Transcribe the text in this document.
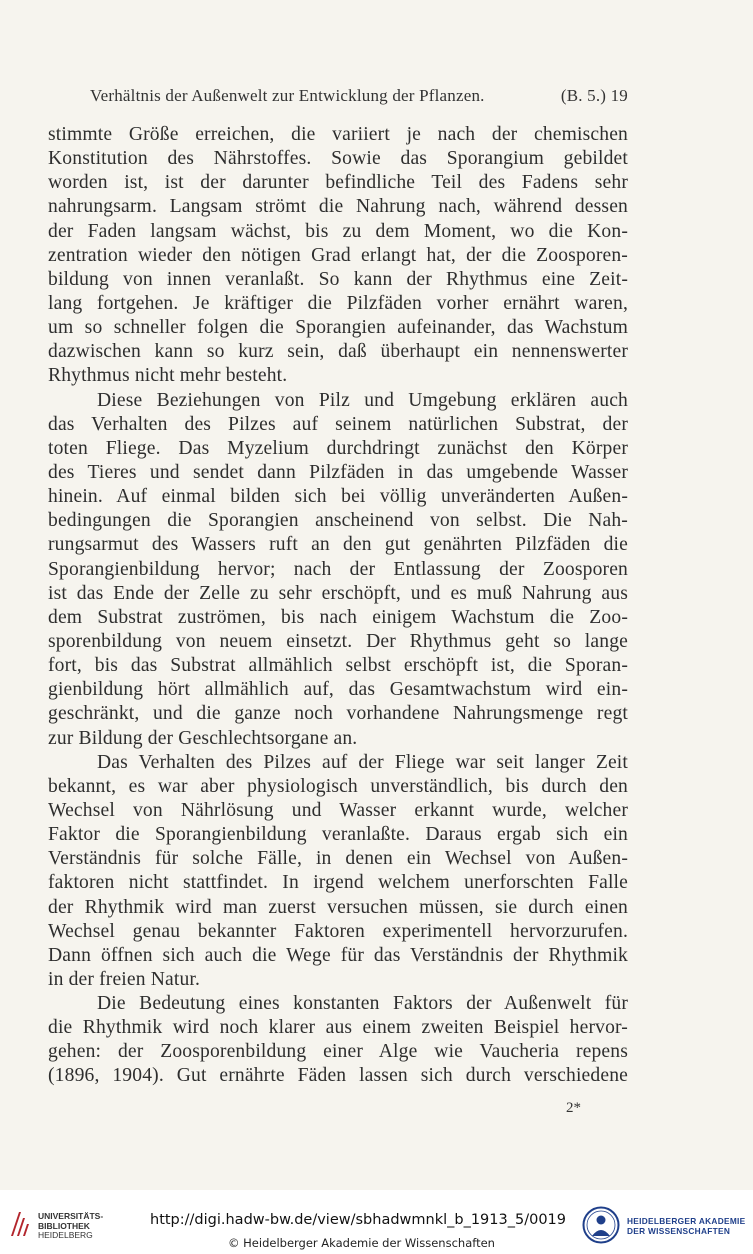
Verhältnis der Außenwelt zur Entwicklung der Pflanzen.	(B. 5.) 19
stimmte Größe erreichen, die variiert je nach der chemischen
Konstitution des Nährstoffes. Sowie das Sporangium gebildet
worden ist, ist der darunter befindliche Teil des Fadens sehr
nahrungsarm. Langsam strömt die Nahrung nach, während dessen
der Faden langsam wächst, bis zu dem Moment, wo die Kon-
zentration wieder den nötigen Grad erlangt hat, der die Zoosporen-
bildung von innen veranlaßt. So kann der Rhythmus eine Zeit-
lang fortgehen. Je kräftiger die Pilzfäden vorher ernährt waren,
um so schneller folgen die Sporangien aufeinander, das Wachstum
dazwischen kann so kurz sein, daß überhaupt ein nennenswerter
Rhythmus nicht mehr besteht.
Diese Beziehungen von Pilz und Umgebung erklären auch
das Verhalten des Pilzes auf seinem natürlichen Substrat, der
toten Fliege. Das Myzelium durchdringt zunächst den Körper
des Tieres und sendet dann Pilzfäden in das umgebende Wasser
hinein. Auf einmal bilden sich bei völlig unveränderten Außen-
bedingungen die Sporangien anscheinend von selbst. Die Nah-
rungsarmut des Wassers ruft an den gut genährten Pilzfäden die
Sporangienbildung hervor; nach der Entlassung der Zoosporen
ist das Ende der Zelle zu sehr erschöpft, und es muß Nahrung aus
dem Substrat zuströmen, bis nach einigem Wachstum die Zoo-
sporenbildung von neuem einsetzt. Der Rhythmus geht so lange
fort, bis das Substrat allmählich selbst erschöpft ist, die Sporan-
gienbildung hört allmählich auf, das Gesamtwachstum wird ein-
geschränkt, und die ganze noch vorhandene Nahrungsmenge regt
zur Bildung der Geschlechtsorgane an.
Das Verhalten des Pilzes auf der Fliege war seit langer Zeit
bekannt, es war aber physiologisch unverständlich, bis durch den
Wechsel von Nährlösung und Wasser erkannt wurde, welcher
Faktor die Sporangienbildung veranlaßte. Daraus ergab sich ein
Verständnis für solche Fälle, in denen ein Wechsel von Außen-
faktoren nicht stattfindet. In irgend welchem unerforschten Falle
der Rhythmik wird man zuerst versuchen müssen, sie durch einen
Wechsel genau bekannter Faktoren experimentell hervorzurufen.
Dann öffnen sich auch die Wege für das Verständnis der Rhythmik
in der freien Natur.
Die Bedeutung eines konstanten Faktors der Außenwelt für
die Rhythmik wird noch klarer aus einem zweiten Beispiel hervor-
gehen: der Zoosporenbildung einer Alge wie Vaucheria repens
(1896, 1904). Gut ernährte Fäden lassen sich durch verschiedene
2*
UNIVERSITÄTS-
BIBLIOTHEK
HEIDELBERG
http://digi.hadw-bw.de/view/sbhadwmnkl_b_1913_5/0019
© Heidelberger Akademie der Wissenschaften
HEIDELBERGER AKADEMIE
DER WISSENSCHAFTEN
